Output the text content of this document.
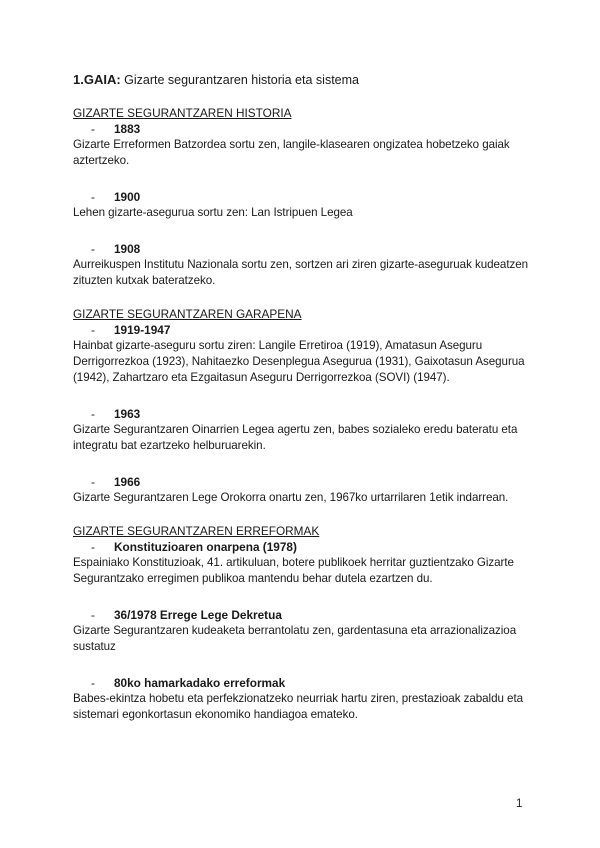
1.GAIA: Gizarte segurantzaren historia eta sistema

GIZARTE SEGURANTZAREN HISTORIA

-	1883

Gizarte Erreformen Batzordea sortu zen, langile-klasearen ongizatea hobetzeko gaiak aztertzeko.

-	1900

Lehen gizarte-asegurua sortu zen: Lan Istripuen Legea

-	1908

Aurreikuspen Institutu Nazionala sortu zen, sortzen ari ziren gizarte-aseguruak kudeatzen zituzten kutxak bateratzeko.

GIZARTE SEGURANTZAREN GARAPENA

-	1919-1947

Hainbat gizarte-aseguru sortu ziren: Langile Erretiroa (1919), Amatasun Aseguru Derrigorrezkoa (1923), Nahitaezko Desenplegua Asegurua (1931), Gaixotasun Asegurua (1942), Zahartzaro eta Ezgaitasun Aseguru Derrigorrezkoa (SOVI) (1947).

-	1963

Gizarte Segurantzaren Oinarrien Legea agertu zen, babes sozialeko eredu bateratu eta integratu bat ezartzeko helburuarekin.

-	1966

Gizarte Segurantzaren Lege Orokorra onartu zen, 1967ko urtarrilaren 1etik indarrean.

GIZARTE SEGURANTZAREN ERREFORMAK

-	Konstituzioaren onarpena (1978)

Espainiako Konstituzioak, 41. artikuluan, botere publikoek herritar guztientzako Gizarte Segurantzako erregimen publikoa mantendu behar dutela ezartzen du.

-	36/1978 Errege Lege Dekretua

Gizarte Segurantzaren kudeaketa berrantolatu zen, gardentasuna eta arrazionalizazioa sustatuz

-	80ko hamarkadako erreformak

Babes-ekintza hobetu eta perfekzionatzeko neurriak hartu ziren, prestazioak zabaldu eta sistemari egonkortasun ekonomiko handiagoa emateko.

1
